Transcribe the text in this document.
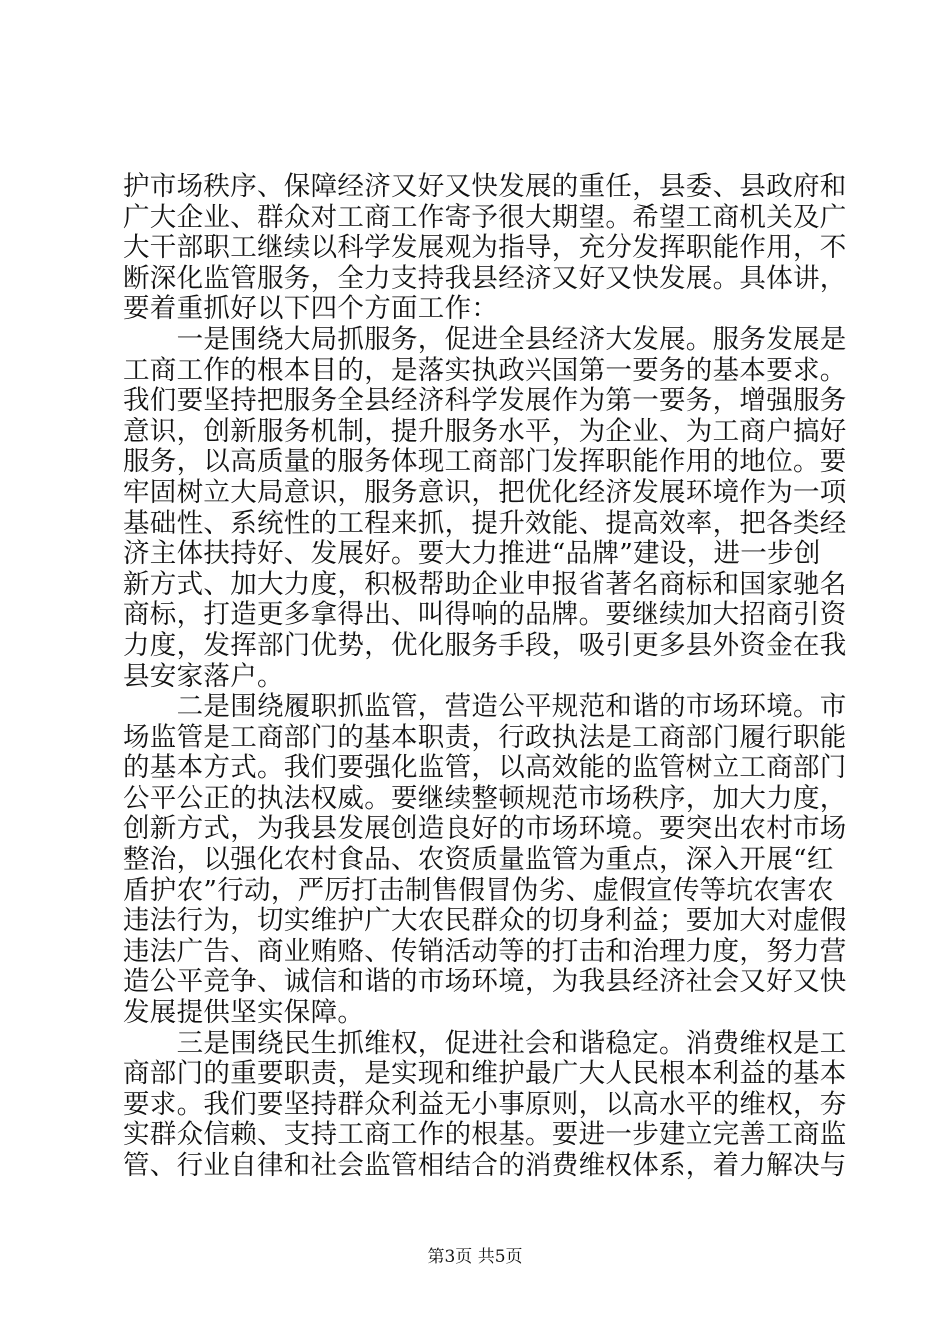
护市场秩序、保障经济又好又快发展的重任，县委、县政府和
广大企业、群众对工商工作寄予很大期望。希望工商机关及广
大干部职工继续以科学发展观为指导，充分发挥职能作用，不
断深化监管服务，全力支持我县经济又好又快发展。具体讲，
要着重抓好以下四个方面工作：
　　一是围绕大局抓服务，促进全县经济大发展。服务发展是
工商工作的根本目的，是落实执政兴国第一要务的基本要求。
我们要坚持把服务全县经济科学发展作为第一要务，增强服务
意识，创新服务机制，提升服务水平，为企业、为工商户搞好
服务，以高质量的服务体现工商部门发挥职能作用的地位。要
牢固树立大局意识，服务意识，把优化经济发展环境作为一项
基础性、系统性的工程来抓，提升效能、提高效率，把各类经
济主体扶持好、发展好。要大力推进“品牌”建设，进一步创
新方式、加大力度，积极帮助企业申报省著名商标和国家驰名
商标，打造更多拿得出、叫得响的品牌。要继续加大招商引资
力度，发挥部门优势，优化服务手段，吸引更多县外资金在我
县安家落户。
　　二是围绕履职抓监管，营造公平规范和谐的市场环境。市
场监管是工商部门的基本职责，行政执法是工商部门履行职能
的基本方式。我们要强化监管，以高效能的监管树立工商部门
公平公正的执法权威。要继续整顿规范市场秩序，加大力度，
创新方式，为我县发展创造良好的市场环境。要突出农村市场
整治，以强化农村食品、农资质量监管为重点，深入开展“红
盾护农”行动，严厉打击制售假冒伪劣、虚假宣传等坑农害农
违法行为，切实维护广大农民群众的切身利益；要加大对虚假
违法广告、商业贿赂、传销活动等的打击和治理力度，努力营
造公平竞争、诚信和谐的市场环境，为我县经济社会又好又快
发展提供坚实保障。
　　三是围绕民生抓维权，促进社会和谐稳定。消费维权是工
商部门的重要职责，是实现和维护最广大人民根本利益的基本
要求。我们要坚持群众利益无小事原则，以高水平的维权，夯
实群众信赖、支持工商工作的根基。要进一步建立完善工商监
管、行业自律和社会监管相结合的消费维权体系，着力解决与
第3页 共5页
